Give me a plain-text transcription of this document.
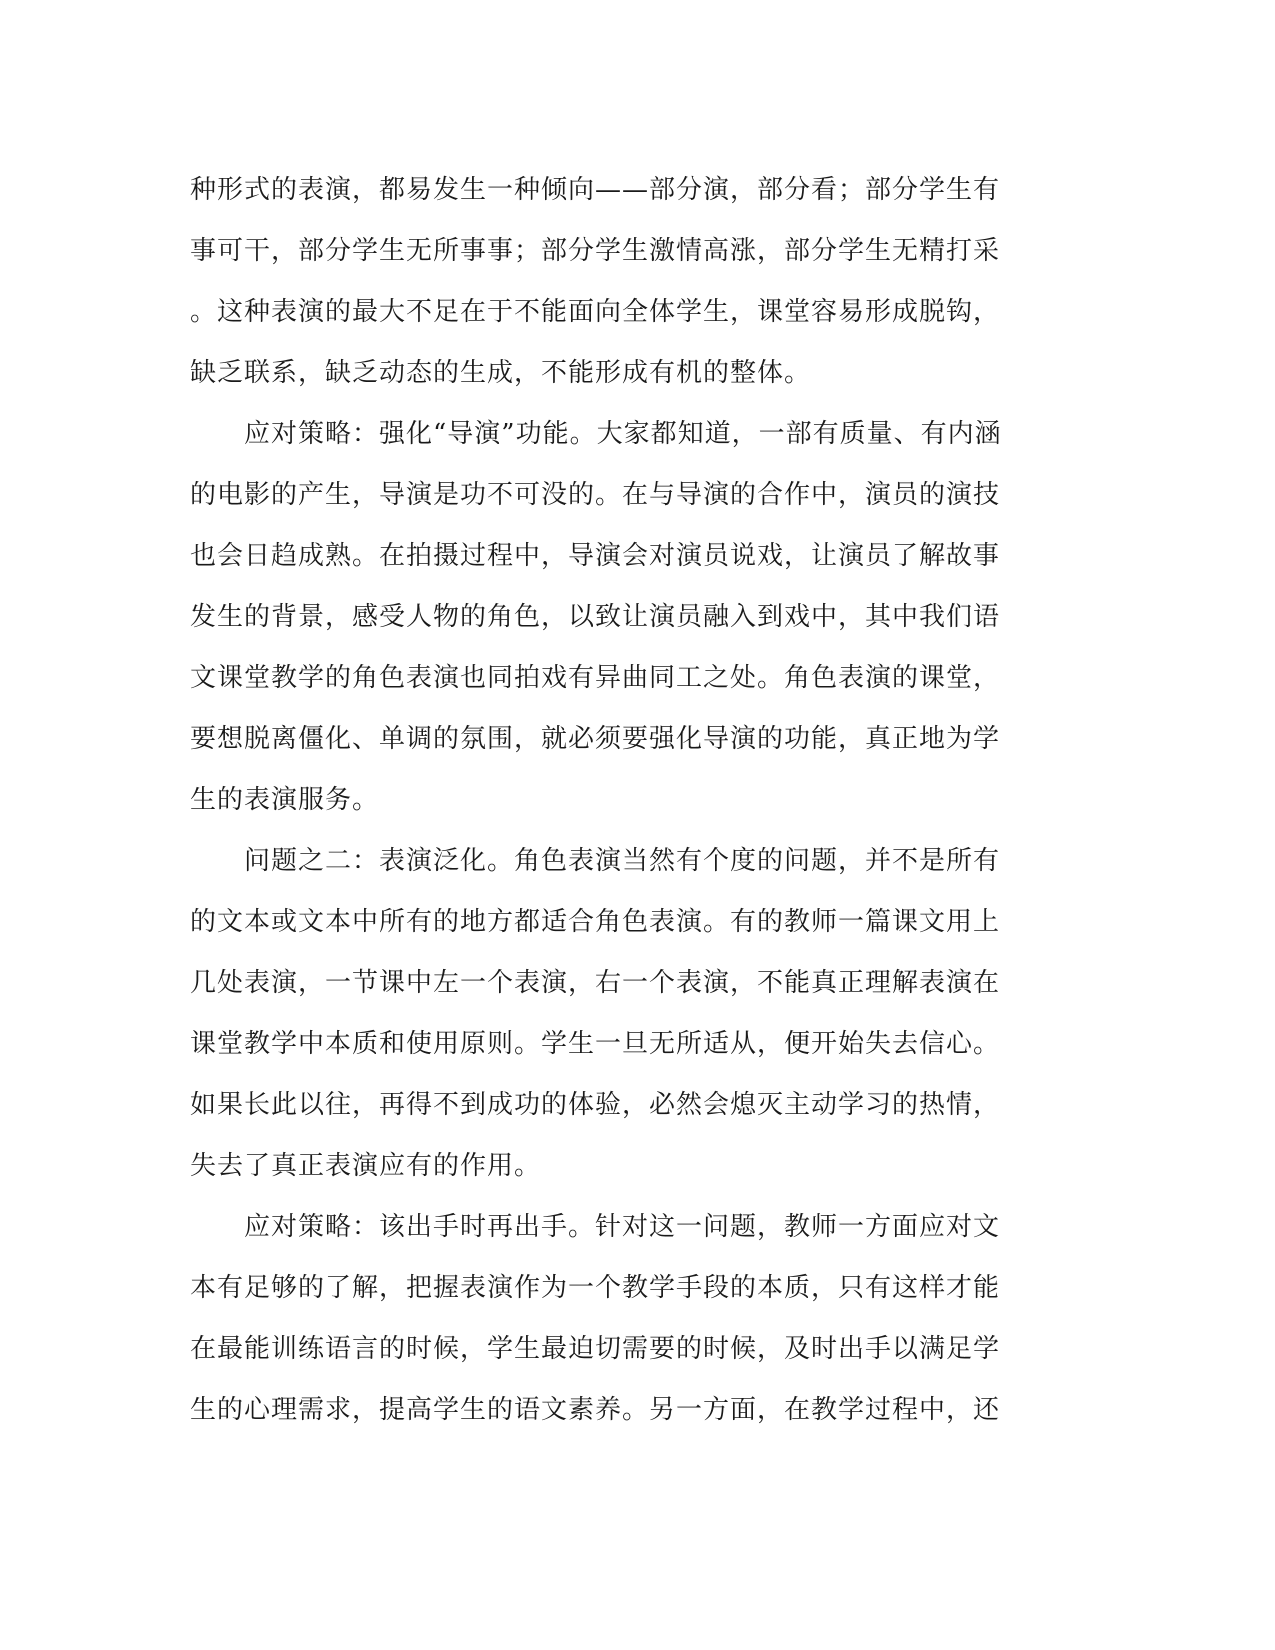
种形式的表演，都易发生一种倾向——部分演，部分看；部分学生有
事可干，部分学生无所事事；部分学生激情高涨，部分学生无精打采
。这种表演的最大不足在于不能面向全体学生，课堂容易形成脱钩，
缺乏联系，缺乏动态的生成，不能形成有机的整体。
　　应对策略：强化“导演”功能。大家都知道，一部有质量、有内涵
的电影的产生，导演是功不可没的。在与导演的合作中，演员的演技
也会日趋成熟。在拍摄过程中，导演会对演员说戏，让演员了解故事
发生的背景，感受人物的角色，以致让演员融入到戏中，其中我们语
文课堂教学的角色表演也同拍戏有异曲同工之处。角色表演的课堂，
要想脱离僵化、单调的氛围，就必须要强化导演的功能，真正地为学
生的表演服务。
　　问题之二：表演泛化。角色表演当然有个度的问题，并不是所有
的文本或文本中所有的地方都适合角色表演。有的教师一篇课文用上
几处表演，一节课中左一个表演，右一个表演，不能真正理解表演在
课堂教学中本质和使用原则。学生一旦无所适从，便开始失去信心。
如果长此以往，再得不到成功的体验，必然会熄灭主动学习的热情，
失去了真正表演应有的作用。
　　应对策略：该出手时再出手。针对这一问题，教师一方面应对文
本有足够的了解，把握表演作为一个教学手段的本质，只有这样才能
在最能训练语言的时候，学生最迫切需要的时候，及时出手以满足学
生的心理需求，提高学生的语文素养。另一方面，在教学过程中，还
